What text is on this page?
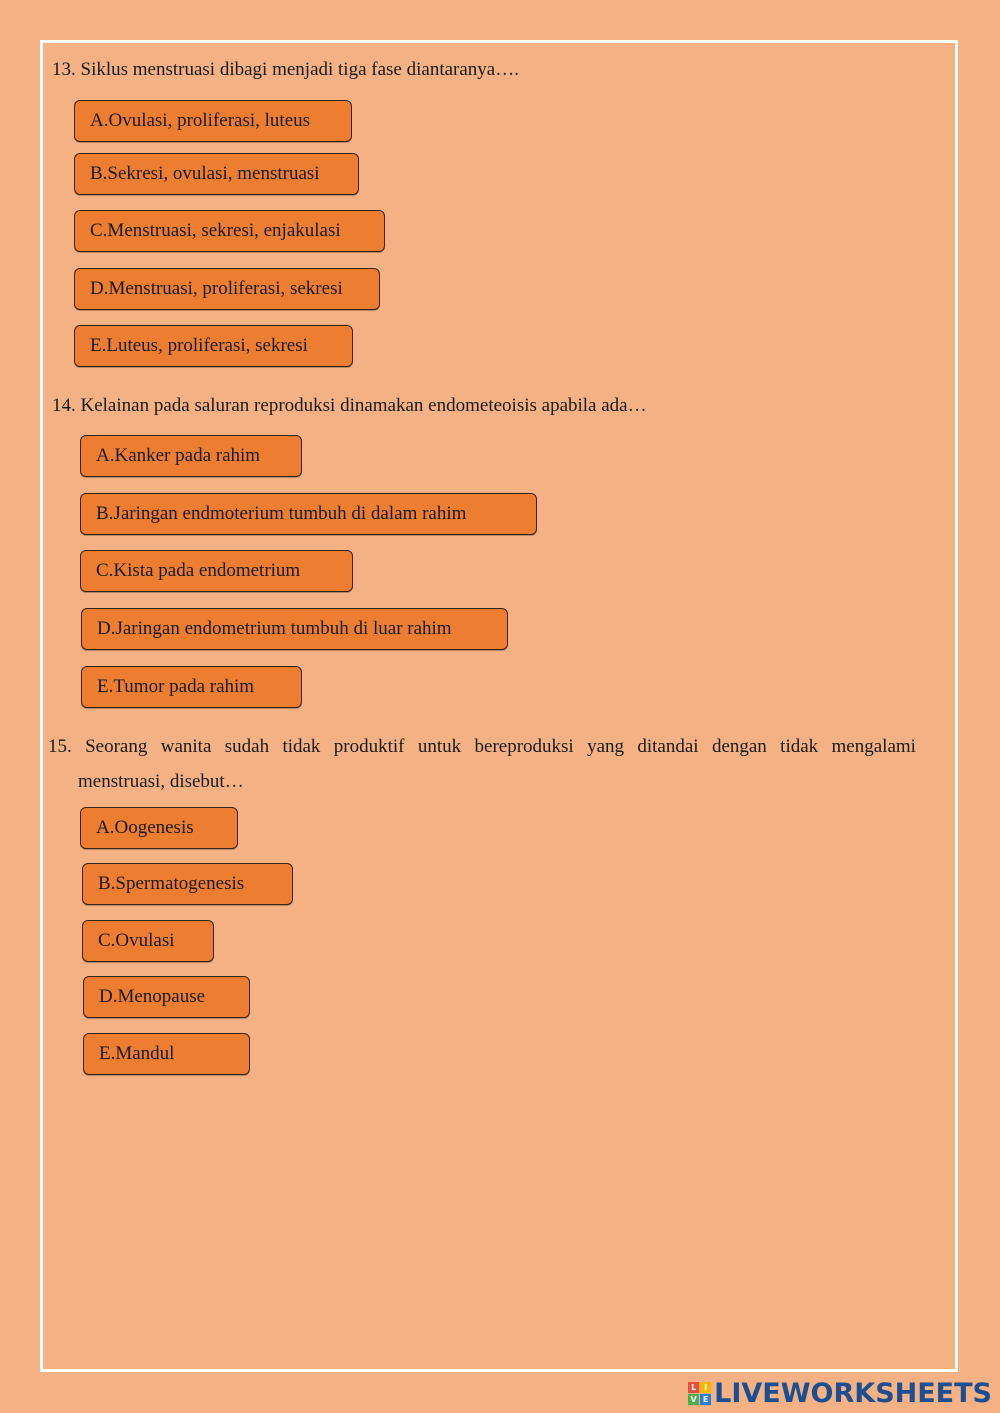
13. Siklus menstruasi dibagi menjadi tiga fase diantaranya….
A.Ovulasi, proliferasi, luteus
B.Sekresi, ovulasi, menstruasi
C.Menstruasi, sekresi, enjakulasi
D.Menstruasi, proliferasi, sekresi
E.Luteus, proliferasi, sekresi
14. Kelainan pada saluran reproduksi dinamakan endometeoisis apabila ada…
A.Kanker pada rahim
B.Jaringan endmoterium tumbuh di dalam rahim
C.Kista pada endometrium
D.Jaringan endometrium tumbuh di luar rahim
E.Tumor pada rahim
15. Seorang wanita sudah tidak produktif untuk bereproduksi yang ditandai dengan tidak mengalami
menstruasi, disebut…
A.Oogenesis
B.Spermatogenesis
C.Ovulasi
D.Menopause
E.Mandul
L I
V E LIVEWORKSHEETS
